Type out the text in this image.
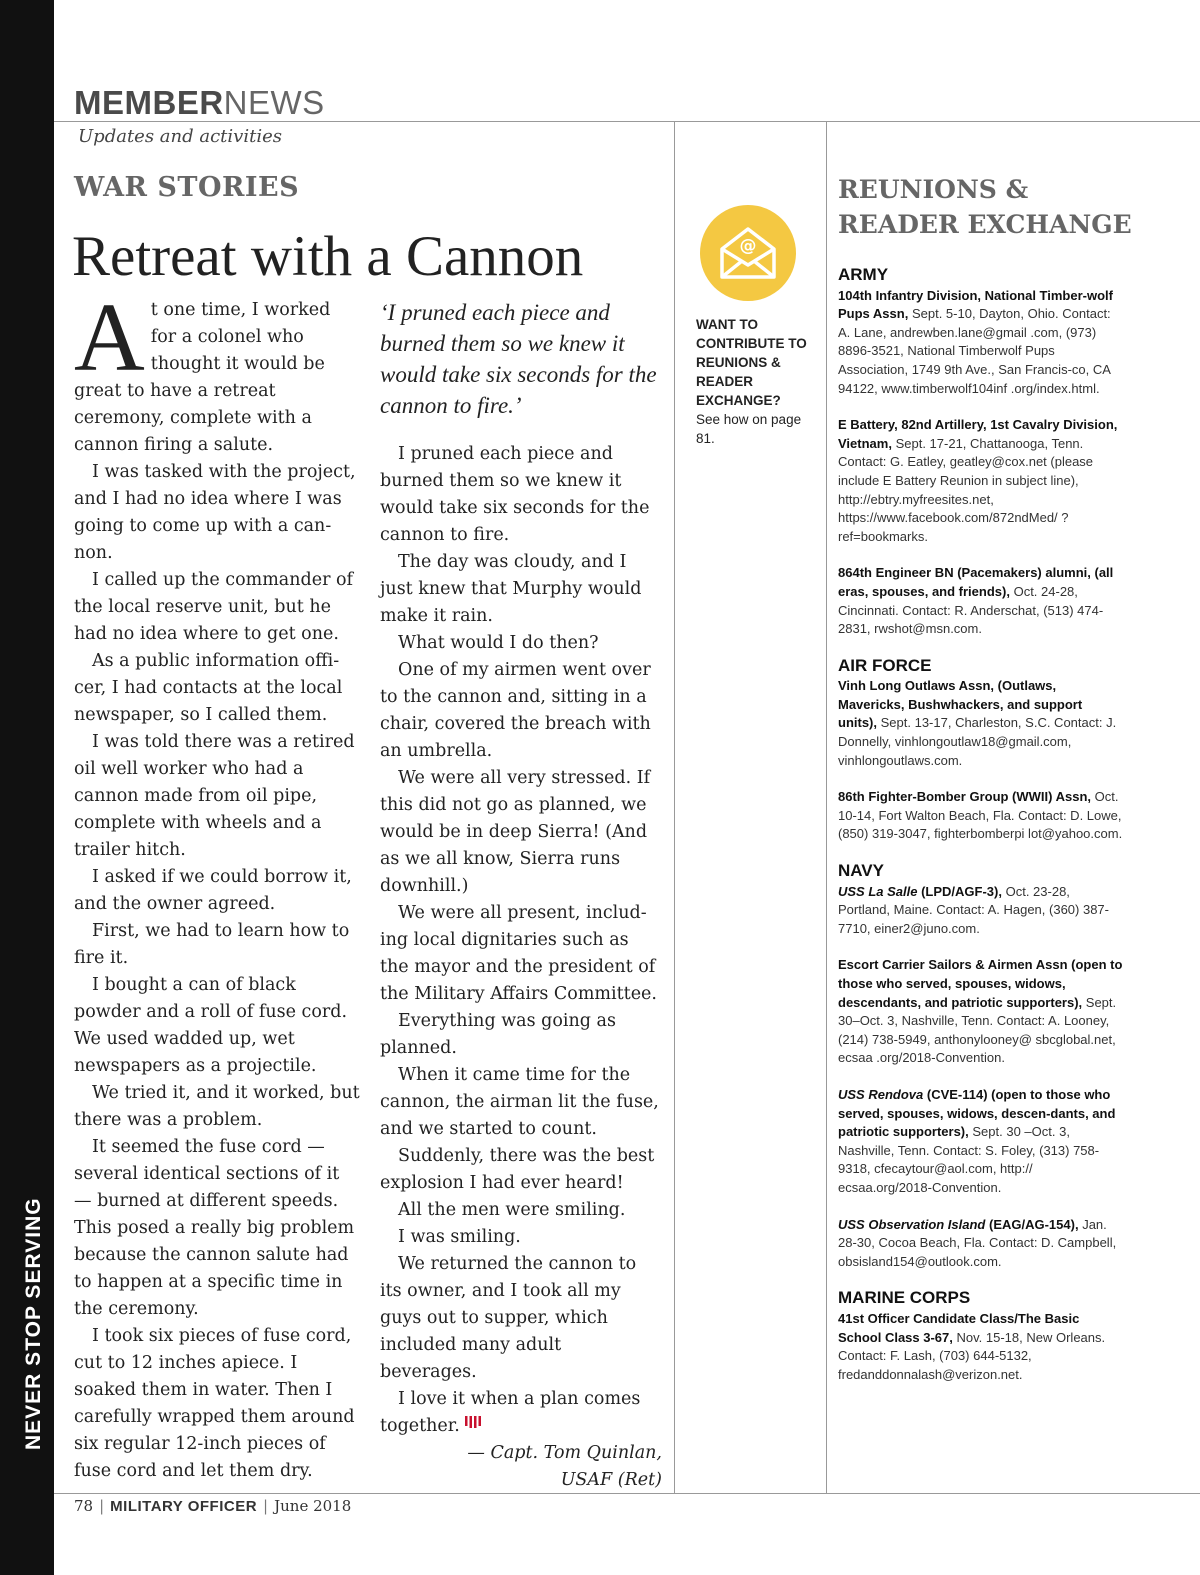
NEVER STOP SERVING
MEMBERNEWS
Updates and activities
WAR STORIES
Retreat with a Cannon

At one time, I worked for a colonel who thought it would be great to have a retreat ceremony, complete with a cannon firing a salute.

I was tasked with the project, and I had no idea where I was going to come up with a can-non.

I called up the commander of the local reserve unit, but he had no idea where to get one.

As a public information offi-cer, I had contacts at the local newspaper, so I called them.

I was told there was a retired oil well worker who had a cannon made from oil pipe, complete with wheels and a trailer hitch.

I asked if we could borrow it, and the owner agreed.

First, we had to learn how to fire it.

I bought a can of black powder and a roll of fuse cord. We used wadded up, wet newspapers as a projectile.

We tried it, and it worked, but there was a problem.

It seemed the fuse cord — several identical sections of it — burned at different speeds. This posed a really big problem because the cannon salute had to happen at a specific time in the ceremony.

I took six pieces of fuse cord, cut to 12 inches apiece. I soaked them in water. Then I carefully wrapped them around six regular 12-inch pieces of fuse cord and let them dry.

‘I pruned each piece and burned them so we knew it would take six seconds for the cannon to fire.’

I pruned each piece and burned them so we knew it would take six seconds for the cannon to fire.

The day was cloudy, and I just knew that Murphy would make it rain.

What would I do then?

One of my airmen went over to the cannon and, sitting in a chair, covered the breach with an umbrella.

We were all very stressed. If this did not go as planned, we would be in deep Sierra! (And as we all know, Sierra runs downhill.)

We were all present, includ-ing local dignitaries such as the mayor and the president of the Military Affairs Committee.

Everything was going as planned.

When it came time for the cannon, the airman lit the fuse, and we started to count.

Suddenly, there was the best explosion I had ever heard!

All the men were smiling.

I was smiling.

We returned the cannon to its owner, and I took all my guys out to supper, which included many adult beverages.

I love it when a plan comes together.

— Capt. Tom Quinlan,
USAF (Ret)
@
WANT TO CONTRIBUTE TO REUNIONS & READER EXCHANGE?
See how on page 81.
REUNIONS &
READER EXCHANGE
ARMY
104th Infantry Division, National Timber-wolf Pups Assn, Sept. 5-10, Dayton, Ohio. Contact: A. Lane, andrewben.lane@gmail .com, (973) 8896-3521, National Timberwolf Pups Association, 1749 9th Ave., San Francis-co, CA 94122, www.timberwolf104inf .org/index.html.
E Battery, 82nd Artillery, 1st Cavalry Division, Vietnam, Sept. 17-21, Chattanooga, Tenn. Contact: G. Eatley, geatley@cox.net (please include E Battery Reunion in subject line), http://ebtry.myfreesites.net, https://www.facebook.com/872ndMed/ ?ref=bookmarks.
864th Engineer BN (Pacemakers) alumni, (all eras, spouses, and friends), Oct. 24-28, Cincinnati. Contact: R. Anderschat, (513) 474-2831, rwshot@msn.com.
AIR FORCE
Vinh Long Outlaws Assn, (Outlaws, Mavericks, Bushwhackers, and support units), Sept. 13-17, Charleston, S.C. Contact: J. Donnelly, vinhlongoutlaw18@gmail.com, vinhlongoutlaws.com.
86th Fighter-Bomber Group (WWII) Assn, Oct. 10-14, Fort Walton Beach, Fla. Contact: D. Lowe, (850) 319-3047, fighterbomberpi lot@yahoo.com.
NAVY
USS La Salle (LPD/AGF-3), Oct. 23-28, Portland, Maine. Contact: A. Hagen, (360) 387-7710, einer2@juno.com.
Escort Carrier Sailors & Airmen Assn (open to those who served, spouses, widows, descendants, and patriotic supporters), Sept. 30–Oct. 3, Nashville, Tenn. Contact: A. Looney, (214) 738-5949, anthonylooney@ sbcglobal.net, ecsaa .org/2018-Convention.
USS Rendova (CVE-114) (open to those who served, spouses, widows, descen-dants, and patriotic supporters), Sept. 30 –Oct. 3, Nashville, Tenn. Contact: S. Foley, (313) 758-9318, cfecaytour@aol.com, http:// ecsaa.org/2018-Convention.
USS Observation Island (EAG/AG-154), Jan. 28-30, Cocoa Beach, Fla. Contact: D. Campbell, obsisland154@outlook.com.
MARINE CORPS
41st Officer Candidate Class/The Basic School Class 3-67, Nov. 15-18, New Orleans. Contact: F. Lash, (703) 644-5132, fredanddonnalash@verizon.net.
78 | MILITARY OFFICER | June 2018
